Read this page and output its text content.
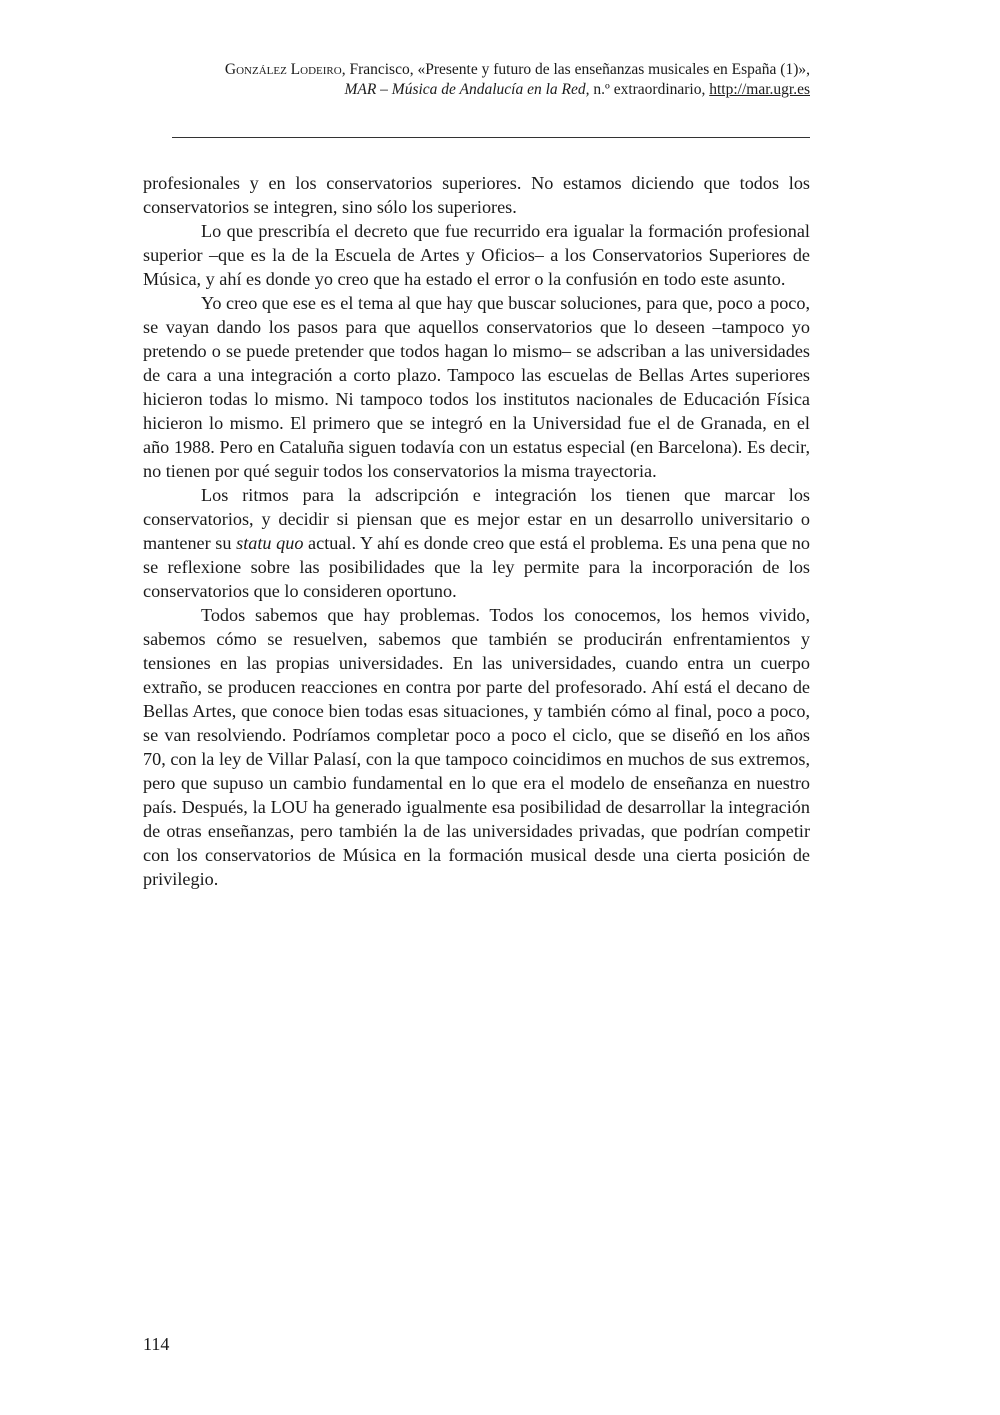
González Lodeiro, Francisco, «Presente y futuro de las enseñanzas musicales en España (1)»,
MAR – Música de Andalucía en la Red, n.º extraordinario, http://mar.ugr.es

profesionales y en los conservatorios superiores. No estamos diciendo que todos los conservatorios se integren, sino sólo los superiores.

Lo que prescribía el decreto que fue recurrido era igualar la formación profesional superior –que es la de la Escuela de Artes y Oficios– a los Conservatorios Superiores de Música, y ahí es donde yo creo que ha estado el error o la confusión en todo este asunto.

Yo creo que ese es el tema al que hay que buscar soluciones, para que, poco a poco, se vayan dando los pasos para que aquellos conservatorios que lo deseen –tampoco yo pretendo o se puede pretender que todos hagan lo mismo– se adscriban a las universidades de cara a una integración a corto plazo. Tampoco las escuelas de Bellas Artes superiores hicieron todas lo mismo. Ni tampoco todos los institutos nacionales de Educación Física hicieron lo mismo. El primero que se integró en la Universidad fue el de Granada, en el año 1988. Pero en Cataluña siguen todavía con un estatus especial (en Barcelona). Es decir, no tienen por qué seguir todos los conservatorios la misma trayectoria.

Los ritmos para la adscripción e integración los tienen que marcar los conservatorios, y decidir si piensan que es mejor estar en un desarrollo universitario o mantener su statu quo actual. Y ahí es donde creo que está el problema. Es una pena que no se reflexione sobre las posibilidades que la ley permite para la incorporación de los conservatorios que lo consideren oportuno.

Todos sabemos que hay problemas. Todos los conocemos, los hemos vivido, sabemos cómo se resuelven, sabemos que también se producirán enfrentamientos y tensiones en las propias universidades. En las universidades, cuando entra un cuerpo extraño, se producen reacciones en contra por parte del profesorado. Ahí está el decano de Bellas Artes, que conoce bien todas esas situaciones, y también cómo al final, poco a poco, se van resolviendo. Podríamos completar poco a poco el ciclo, que se diseñó en los años 70, con la ley de Villar Palasí, con la que tampoco coincidimos en muchos de sus extremos, pero que supuso un cambio fundamental en lo que era el modelo de enseñanza en nuestro país. Después, la LOU ha generado igualmente esa posibilidad de desarrollar la integración de otras enseñanzas, pero también la de las universidades privadas, que podrían competir con los conservatorios de Música en la formación musical desde una cierta posición de privilegio.

114
